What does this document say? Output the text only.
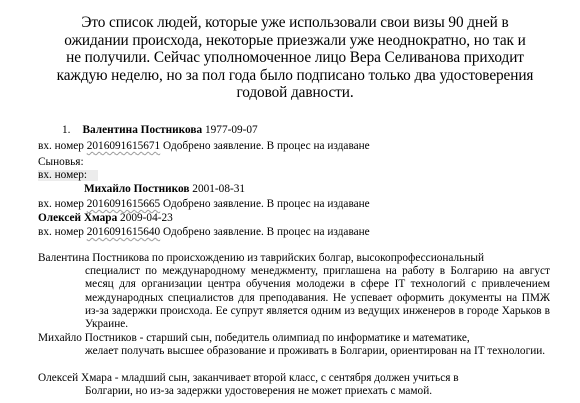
Это список людей, которые уже использовали свои визы 90 дней в
ожидании происхода, некоторые приезжали уже неоднократно, но так и
не получили. Сейчас уполномоченное лицо Вера Селиванова приходит
каждую неделю, но за пол года было подписано только два удостоверения
годовой давности.
1. Валентина Постникова 1977-09-07
вх. номер 2016091615671 Одобрено заявление. В процес на издаване
Сыновья:
вх. номер:
Михайло Постников 2001-08-31
вх. номер 2016091615665 Одобрено заявление. В процес на издаване
Олексей Хмара 2009-04-23
вх. номер 2016091615640 Одобрено заявление. В процес на издаване
Валентина Постникова по происхождению из таврийских болгар, высокопрофессиональный
специалист по международному менеджменту, приглашена на работу в Болгарию на август месяц для организации центра обучения молодежи в сфере IT технологий с привлечением международных специалистов для преподавания. Не успевает оформить документы на ПМЖ из-за задержки происхода. Ее супрут является одним из ведущих инженеров в городе Харьков в Украине.
Михайло Постников - старший сын, победитель олимпиад по информатике и математике,
желает получать высшее образование и проживать в Болгарии, ориентирован на IT технологии.
Олексей Хмара - младший сын, заканчивает второй класс, с сентября должен учиться в
Болгарии, но из-за задержки удостоверения не может приехать с мамой.
